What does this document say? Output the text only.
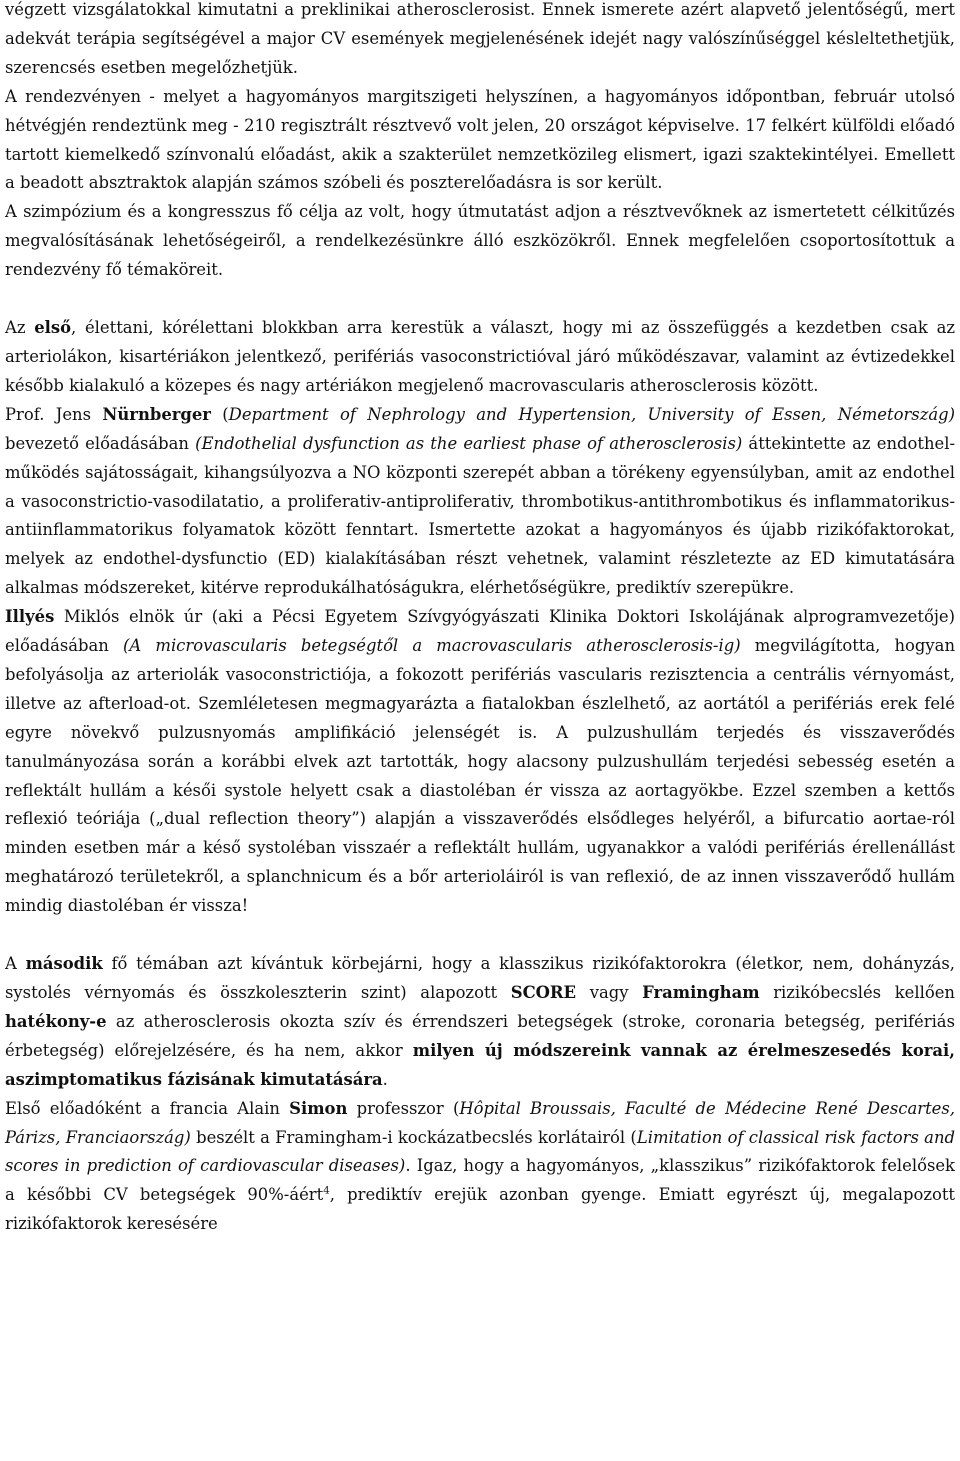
végzett vizsgálatokkal kimutatni a preklinikai atherosclerosist. Ennek ismerete azért alapvető jelentőségű, mert adekvát terápia segítségével a major CV események megjelenésének idejét nagy valószínűséggel késleltethetjük, szerencsés esetben megelőzhetjük.

A rendezvényen - melyet a hagyományos margitszigeti helyszínen, a hagyományos időpontban, február utolsó hétvégjén rendeztünk meg - 210 regisztrált résztvevő volt jelen, 20 országot képviselve. 17 felkért külföldi előadó tartott kiemelkedő színvonalú előadást, akik a szakterület nemzetközileg elismert, igazi szaktekintélyei. Emellett a beadott absztraktok alapján számos szóbeli és poszterelőadásra is sor került.

A szimpózium és a kongresszus fő célja az volt, hogy útmutatást adjon a résztvevőknek az ismertetett célkitűzés megvalósításának lehetőségeiről, a rendelkezésünkre álló eszközökről. Ennek megfelelően csoportosítottuk a rendezvény fő témaköreit.

Az első, élettani, kórélettani blokkban arra kerestük a választ, hogy mi az összefüggés a kezdetben csak az arteriolákon, kisartériákon jelentkező, perifériás vasoconstrictióval járó működészavar, valamint az évtizedekkel később kialakuló a közepes és nagy artériákon megjelenő macrovascularis atherosclerosis között.

Prof. Jens Nürnberger (Department of Nephrology and Hypertension, University of Essen, Németország) bevezető előadásában (Endothelial dysfunction as the earliest phase of atherosclerosis) áttekintette az endothel-működés sajátosságait, kihangsúlyozva a NO központi szerepét abban a törékeny egyensúlyban, amit az endothel a vasoconstrictio-vasodilatatio, a proliferativ-antiproliferativ, thrombotikus-antithrombotikus és inflammatorikus-antiinflammatorikus folyamatok között fenntart. Ismertette azokat a hagyományos és újabb rizikófaktorokat, melyek az endothel-dysfunctio (ED) kialakításában részt vehetnek, valamint részletezte az ED kimutatására alkalmas módszereket, kitérve reprodukálhatóságukra, elérhetőségükre, prediktív szerepükre.

Illyés Miklós elnök úr (aki a Pécsi Egyetem Szívgyógyászati Klinika Doktori Iskolájának alprogramvezetője) előadásában (A microvascularis betegségtől a macrovascularis atherosclerosis-ig) megvilágította, hogyan befolyásolja az arteriolák vasoconstrictiója, a fokozott perifériás vascularis rezisztencia a centrális vérnyomást, illetve az afterload-ot. Szemléletesen megmagyarázta a fiatalokban észlelhető, az aortától a perifériás erek felé egyre növekvő pulzusnyomás amplifikáció jelenségét is. A pulzushullám terjedés és visszaverődés tanulmányozása során a korábbi elvek azt tartották, hogy alacsony pulzushullám terjedési sebesség esetén a reflektált hullám a késői systole helyett csak a diastoléban ér vissza az aortagyökbe. Ezzel szemben a kettős reflexió teóriája („dual reflection theory”) alapján a visszaverődés elsődleges helyéről, a bifurcatio aortae-ról minden esetben már a késő systoléban visszaér a reflektált hullám, ugyanakkor a valódi perifériás érellenállást meghatározó területekről, a splanchnicum és a bőr arterioláiról is van reflexió, de az innen visszaverődő hullám mindig diastoléban ér vissza!

A második fő témában azt kívántuk körbejárni, hogy a klasszikus rizikófaktorokra (életkor, nem, dohányzás, systolés vérnyomás és összkoleszterin szint) alapozott SCORE vagy Framingham rizikóbecslés kellően hatékony-e az atherosclerosis okozta szív és érrendszeri betegségek (stroke, coronaria betegség, perifériás érbetegség) előrejelzésére, és ha nem, akkor milyen új módszereink vannak az érelmeszesedés korai, aszimptomatikus fázisának kimutatására.

Első előadóként a francia Alain Simon professzor (Hôpital Broussais, Faculté de Médecine René Descartes, Párizs, Franciaország) beszélt a Framingham-i kockázatbecslés korlátairól (Limitation of classical risk factors and scores in prediction of cardiovascular diseases). Igaz, hogy a hagyományos, „klasszikus” rizikófaktorok felelősek a későbbi CV betegségek 90%-áért$^4$, prediktív erejük azonban gyenge. Emiatt egyrészt új, megalapozott rizikófaktorok keresésére
